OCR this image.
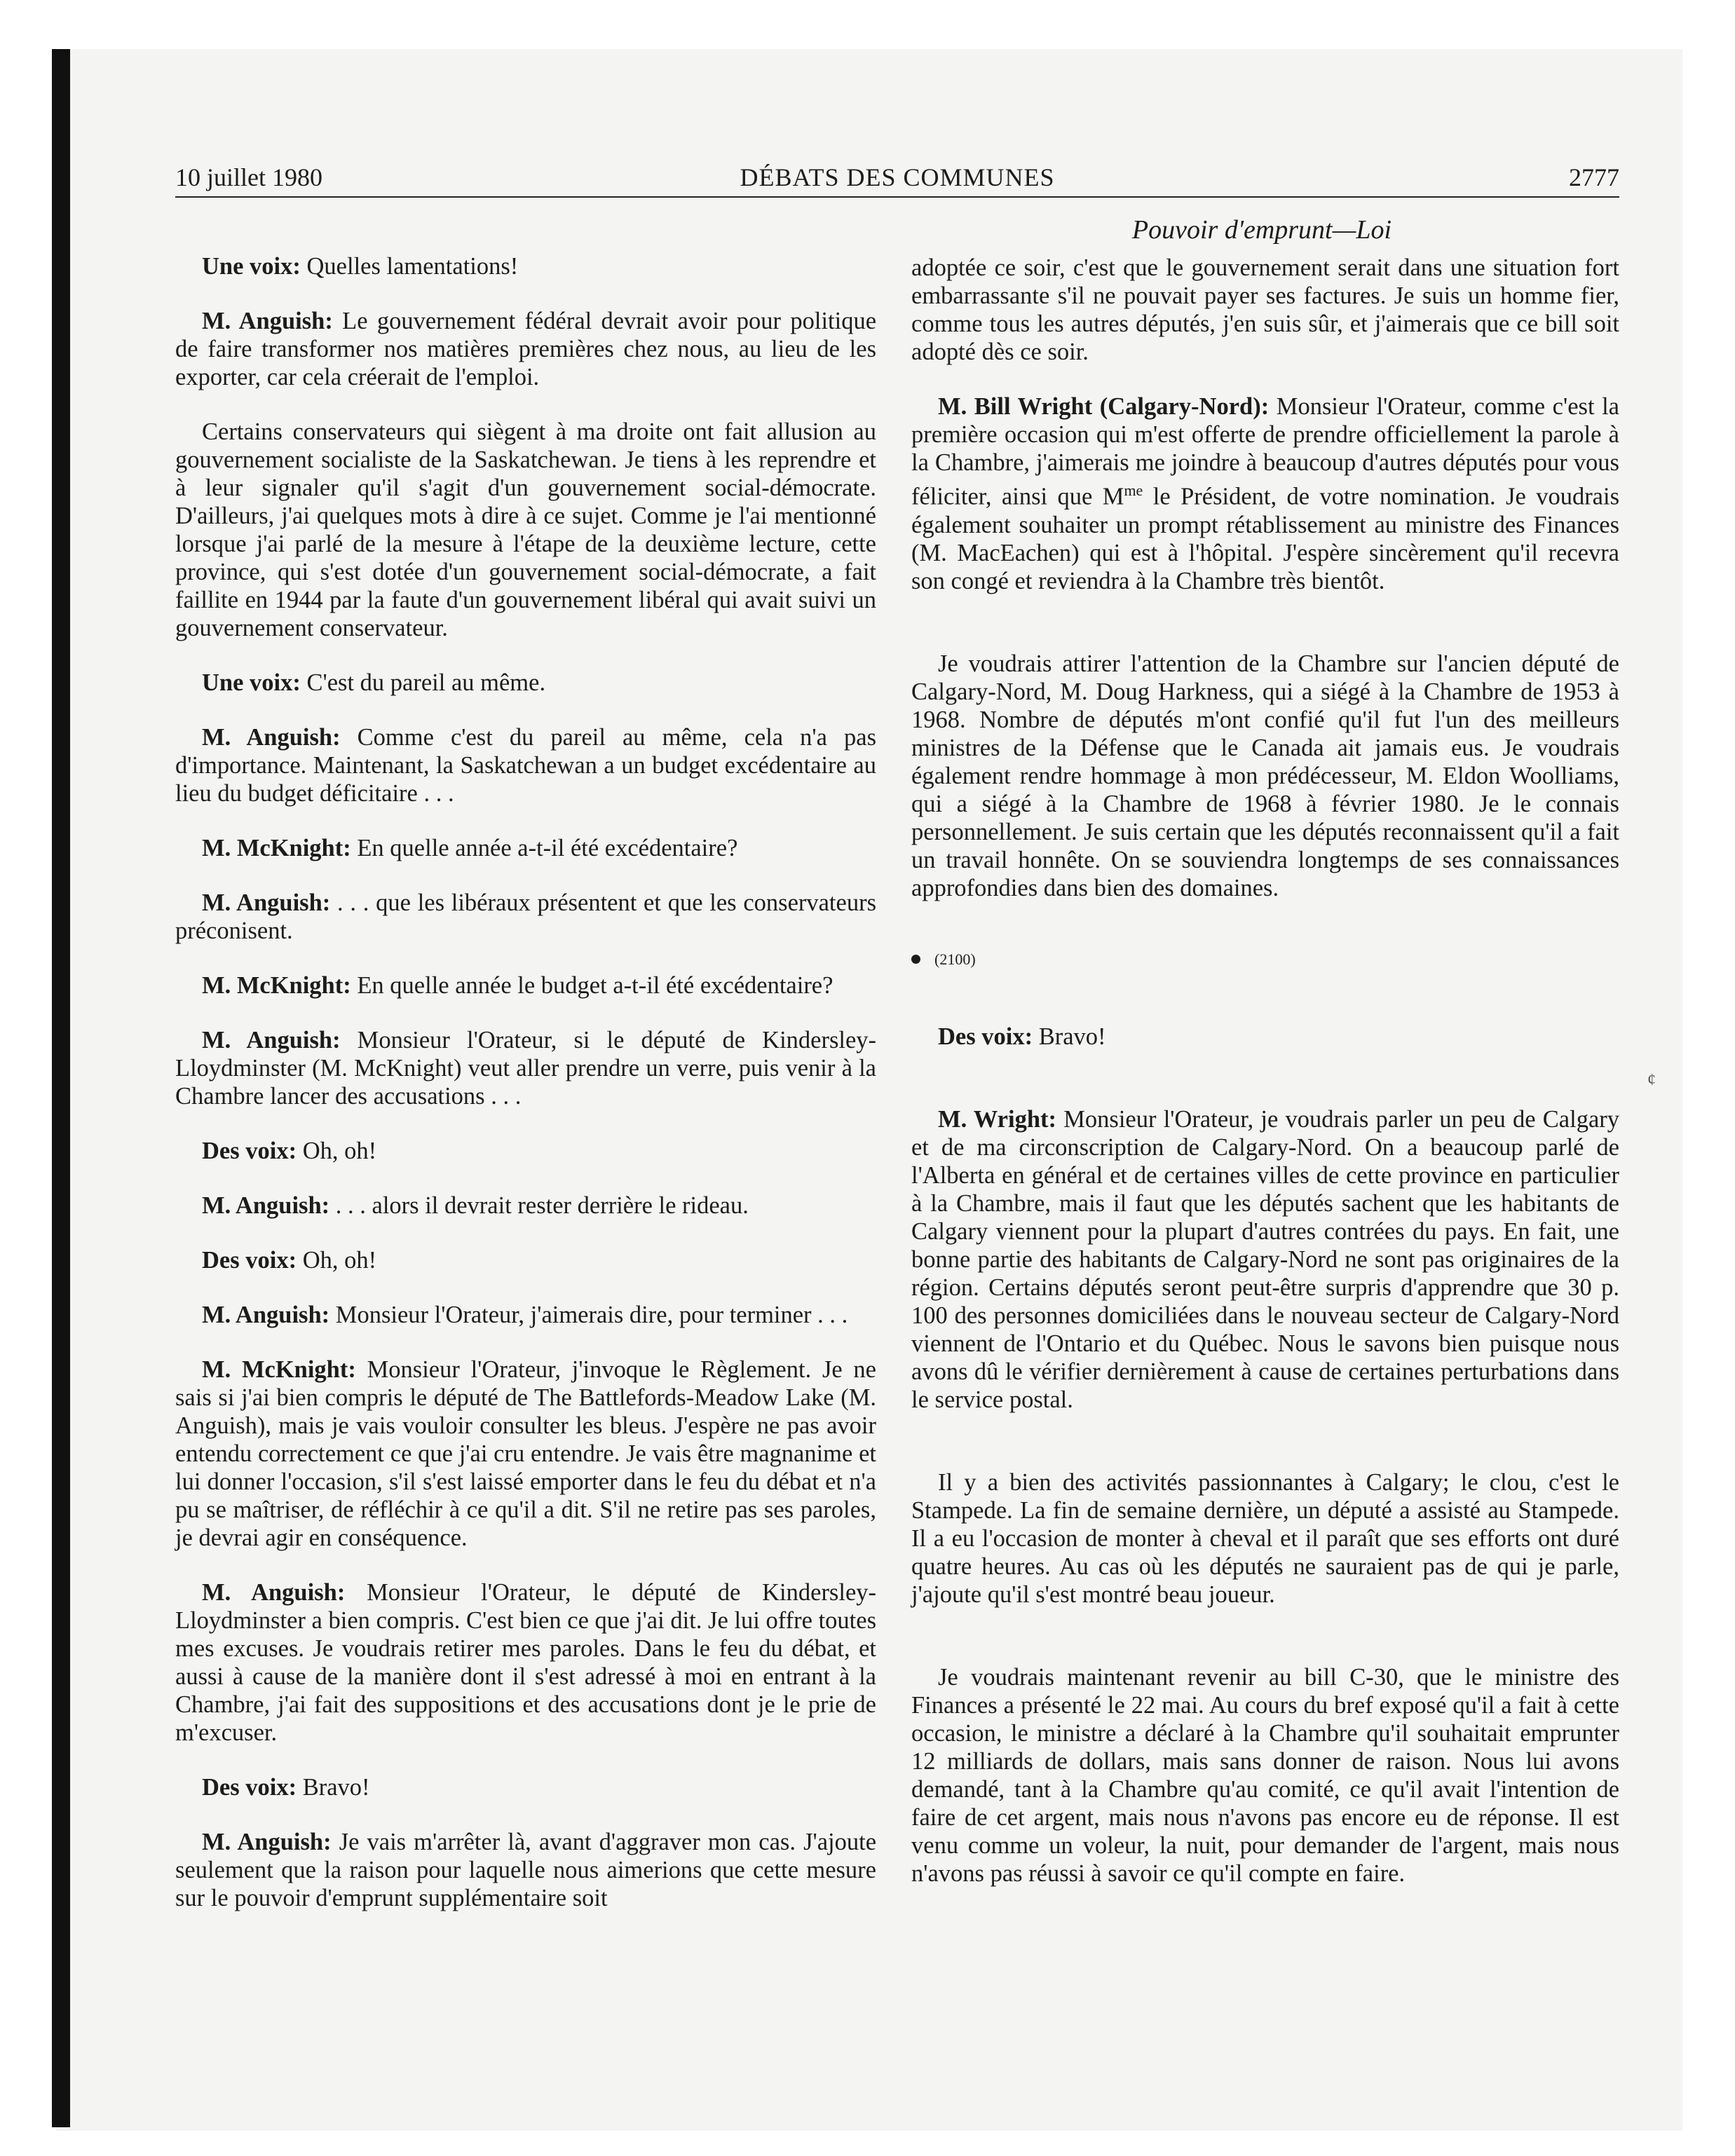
10 juillet 1980	DÉBATS DES COMMUNES	2777
Pouvoir d'emprunt—Loi

Une voix: Quelles lamentations!

M. Anguish: Le gouvernement fédéral devrait avoir pour politique de faire transformer nos matières premières chez nous, au lieu de les exporter, car cela créerait de l'emploi.

Certains conservateurs qui siègent à ma droite ont fait allusion au gouvernement socialiste de la Saskatchewan. Je tiens à les reprendre et à leur signaler qu'il s'agit d'un gouvernement social-démocrate. D'ailleurs, j'ai quelques mots à dire à ce sujet. Comme je l'ai mentionné lorsque j'ai parlé de la mesure à l'étape de la deuxième lecture, cette province, qui s'est dotée d'un gouvernement social-démocrate, a fait faillite en 1944 par la faute d'un gouvernement libéral qui avait suivi un gouvernement conservateur.

Une voix: C'est du pareil au même.

M. Anguish: Comme c'est du pareil au même, cela n'a pas d'importance. Maintenant, la Saskatchewan a un budget excédentaire au lieu du budget déficitaire . . .

M. McKnight: En quelle année a-t-il été excédentaire?

M. Anguish: . . . que les libéraux présentent et que les conservateurs préconisent.

M. McKnight: En quelle année le budget a-t-il été excédentaire?

M. Anguish: Monsieur l'Orateur, si le député de Kindersley-Lloydminster (M. McKnight) veut aller prendre un verre, puis venir à la Chambre lancer des accusations . . .

Des voix: Oh, oh!

M. Anguish: . . . alors il devrait rester derrière le rideau.

Des voix: Oh, oh!

M. Anguish: Monsieur l'Orateur, j'aimerais dire, pour terminer . . .

M. McKnight: Monsieur l'Orateur, j'invoque le Règlement. Je ne sais si j'ai bien compris le député de The Battlefords-Meadow Lake (M. Anguish), mais je vais vouloir consulter les bleus. J'espère ne pas avoir entendu correctement ce que j'ai cru entendre. Je vais être magnanime et lui donner l'occasion, s'il s'est laissé emporter dans le feu du débat et n'a pu se maîtriser, de réfléchir à ce qu'il a dit. S'il ne retire pas ses paroles, je devrai agir en conséquence.

M. Anguish: Monsieur l'Orateur, le député de Kindersley-Lloydminster a bien compris. C'est bien ce que j'ai dit. Je lui offre toutes mes excuses. Je voudrais retirer mes paroles. Dans le feu du débat, et aussi à cause de la manière dont il s'est adressé à moi en entrant à la Chambre, j'ai fait des suppositions et des accusations dont je le prie de m'excuser.

Des voix: Bravo!

M. Anguish: Je vais m'arrêter là, avant d'aggraver mon cas. J'ajoute seulement que la raison pour laquelle nous aimerions que cette mesure sur le pouvoir d'emprunt supplémentaire soit

adoptée ce soir, c'est que le gouvernement serait dans une situation fort embarrassante s'il ne pouvait payer ses factures. Je suis un homme fier, comme tous les autres députés, j'en suis sûr, et j'aimerais que ce bill soit adopté dès ce soir.

M. Bill Wright (Calgary-Nord): Monsieur l'Orateur, comme c'est la première occasion qui m'est offerte de prendre officiellement la parole à la Chambre, j'aimerais me joindre à beaucoup d'autres députés pour vous féliciter, ainsi que $M^{me}$ le Président, de votre nomination. Je voudrais également souhaiter un prompt rétablissement au ministre des Finances (M. MacEachen) qui est à l'hôpital. J'espère sincèrement qu'il recevra son congé et reviendra à la Chambre très bientôt.

Je voudrais attirer l'attention de la Chambre sur l'ancien député de Calgary-Nord, M. Doug Harkness, qui a siégé à la Chambre de 1953 à 1968. Nombre de députés m'ont confié qu'il fut l'un des meilleurs ministres de la Défense que le Canada ait jamais eus. Je voudrais également rendre hommage à mon prédécesseur, M. Eldon Woolliams, qui a siégé à la Chambre de 1968 à février 1980. Je le connais personnellement. Je suis certain que les députés reconnaissent qu'il a fait un travail honnête. On se souviendra longtemps de ses connaissances approfondies dans bien des domaines.

(2100)

Des voix: Bravo!

M. Wright: Monsieur l'Orateur, je voudrais parler un peu de Calgary et de ma circonscription de Calgary-Nord. On a beaucoup parlé de l'Alberta en général et de certaines villes de cette province en particulier à la Chambre, mais il faut que les députés sachent que les habitants de Calgary viennent pour la plupart d'autres contrées du pays. En fait, une bonne partie des habitants de Calgary-Nord ne sont pas originaires de la région. Certains députés seront peut-être surpris d'apprendre que 30 p. 100 des personnes domiciliées dans le nouveau secteur de Calgary-Nord viennent de l'Ontario et du Québec. Nous le savons bien puisque nous avons dû le vérifier dernièrement à cause de certaines perturbations dans le service postal.

Il y a bien des activités passionnantes à Calgary; le clou, c'est le Stampede. La fin de semaine dernière, un député a assisté au Stampede. Il a eu l'occasion de monter à cheval et il paraît que ses efforts ont duré quatre heures. Au cas où les députés ne sauraient pas de qui je parle, j'ajoute qu'il s'est montré beau joueur.

Je voudrais maintenant revenir au bill C-30, que le ministre des Finances a présenté le 22 mai. Au cours du bref exposé qu'il a fait à cette occasion, le ministre a déclaré à la Chambre qu'il souhaitait emprunter 12 milliards de dollars, mais sans donner de raison. Nous lui avons demandé, tant à la Chambre qu'au comité, ce qu'il avait l'intention de faire de cet argent, mais nous n'avons pas encore eu de réponse. Il est venu comme un voleur, la nuit, pour demander de l'argent, mais nous n'avons pas réussi à savoir ce qu'il compte en faire.

¢
